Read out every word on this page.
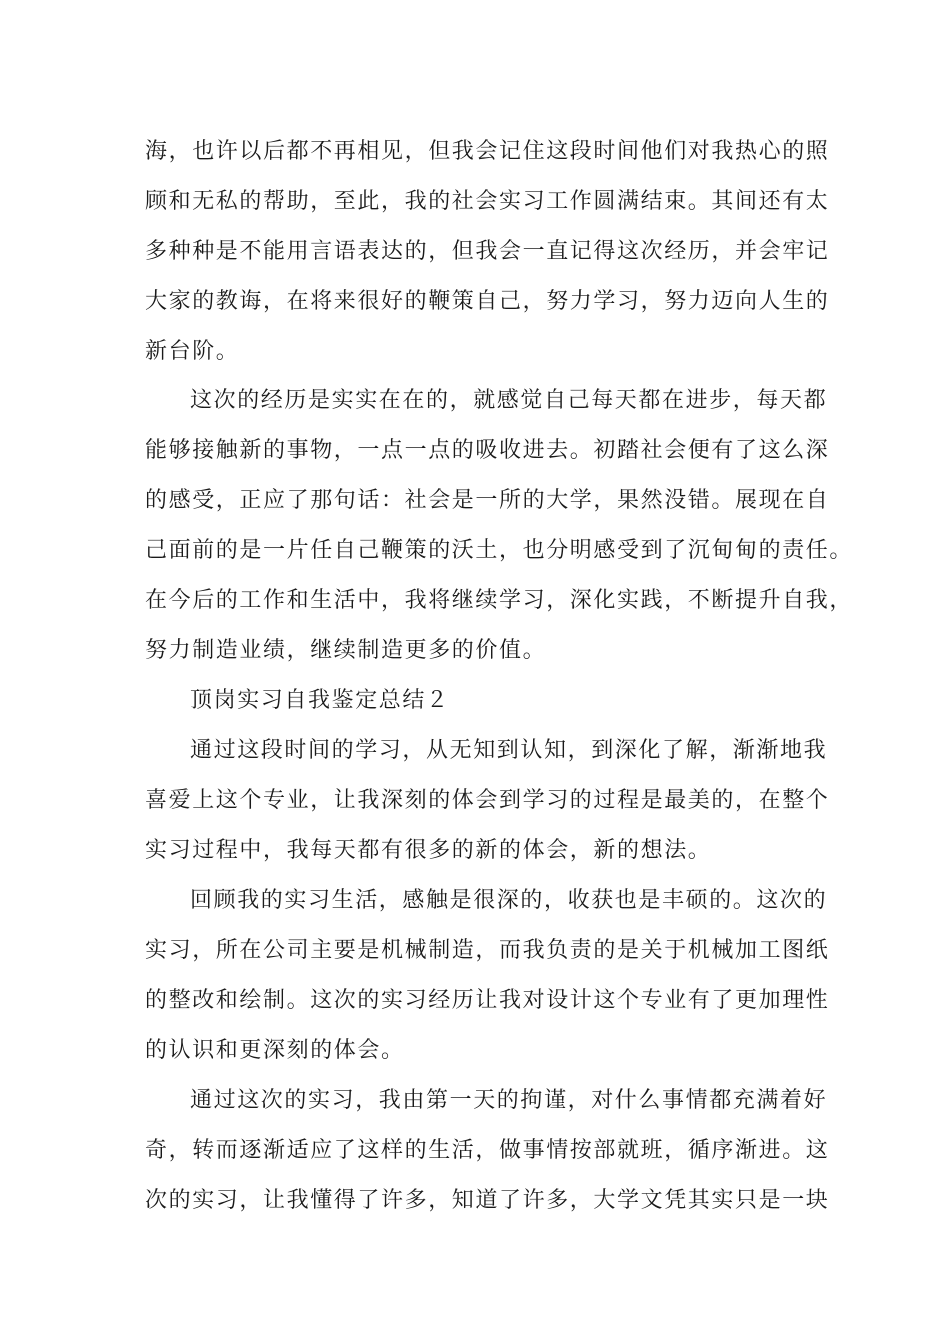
海，也许以后都不再相见，但我会记住这段时间他们对我热心的照

顾和无私的帮助，至此，我的社会实习工作圆满结束。其间还有太

多种种是不能用言语表达的，但我会一直记得这次经历，并会牢记

大家的教诲，在将来很好的鞭策自己，努力学习，努力迈向人生的

新台阶。

这次的经历是实实在在的，就感觉自己每天都在进步，每天都

能够接触新的事物，一点一点的吸收进去。初踏社会便有了这么深

的感受，正应了那句话：社会是一所的大学，果然没错。展现在自

己面前的是一片任自己鞭策的沃土，也分明感受到了沉甸甸的责任。

在今后的工作和生活中，我将继续学习，深化实践，不断提升自我，

努力制造业绩，继续制造更多的价值。

顶岗实习自我鉴定总结２

通过这段时间的学习，从无知到认知，到深化了解，渐渐地我

喜爱上这个专业，让我深刻的体会到学习的过程是最美的，在整个

实习过程中，我每天都有很多的新的体会，新的想法。

回顾我的实习生活，感触是很深的，收获也是丰硕的。这次的

实习，所在公司主要是机械制造，而我负责的是关于机械加工图纸

的整改和绘制。这次的实习经历让我对设计这个专业有了更加理性

的认识和更深刻的体会。

通过这次的实习，我由第一天的拘谨，对什么事情都充满着好

奇，转而逐渐适应了这样的生活，做事情按部就班，循序渐进。这

次的实习，让我懂得了许多，知道了许多，大学文凭其实只是一块
